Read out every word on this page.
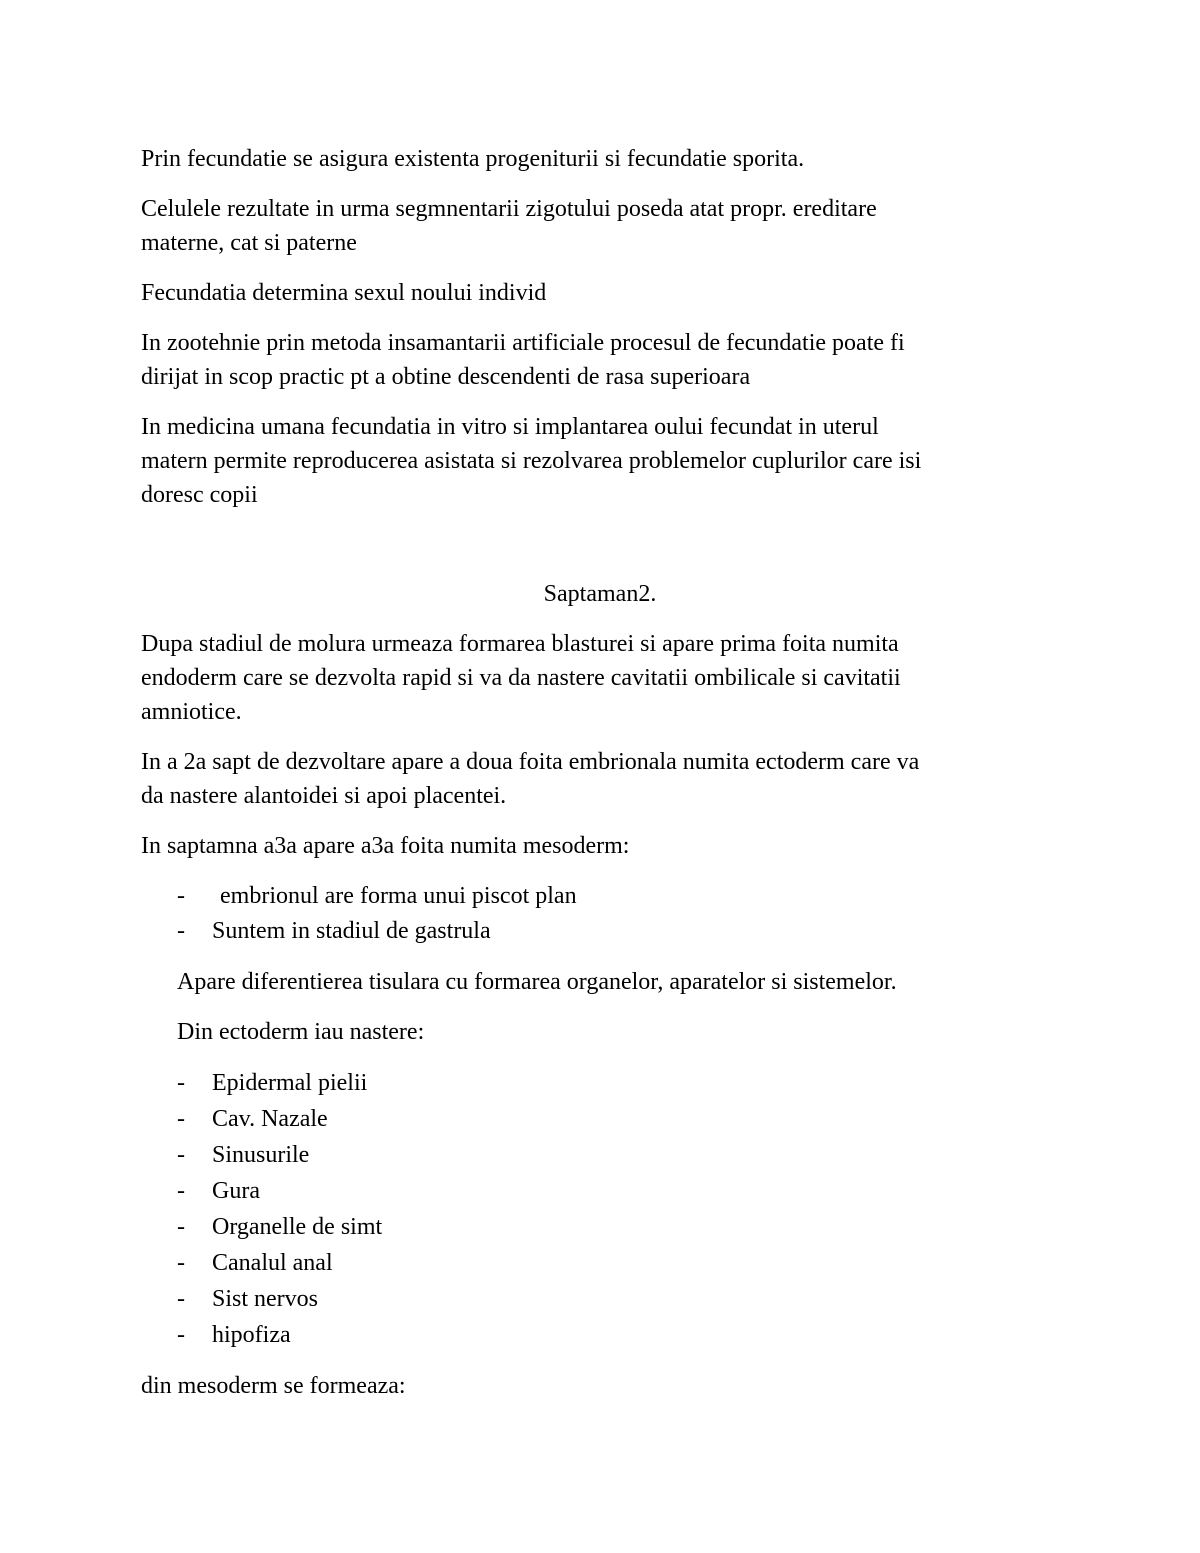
Prin fecundatie se asigura existenta progeniturii si fecundatie sporita.
Celulele rezultate in urma segmnentarii zigotului poseda atat propr. ereditare
materne, cat si paterne
Fecundatia determina sexul noului individ
In zootehnie prin metoda insamantarii artificiale procesul de fecundatie poate fi
dirijat in scop practic pt a obtine descendenti de rasa superioara
In medicina umana fecundatia in vitro si implantarea oului fecundat in uterul
matern permite reproducerea asistata si rezolvarea problemelor cuplurilor care isi
doresc copii
Saptaman2.
Dupa stadiul de molura urmeaza formarea blasturei si apare prima foita numita
endoderm care se dezvolta rapid si va da nastere cavitatii ombilicale si cavitatii
amniotice.
In a 2a sapt de dezvoltare apare a doua foita embrionala numita ectoderm care va
da nastere alantoidei si apoi placentei.
In saptamna a3a apare a3a foita numita mesoderm:
- embrionul are forma unui piscot plan
- Suntem in stadiul de gastrula
Apare diferentierea tisulara cu formarea organelor, aparatelor si sistemelor.
Din ectoderm iau nastere:
- Epidermal pielii
- Cav. Nazale
- Sinusurile
- Gura
- Organelle de simt
- Canalul anal
- Sist nervos
- hipofiza
din mesoderm se formeaza:
